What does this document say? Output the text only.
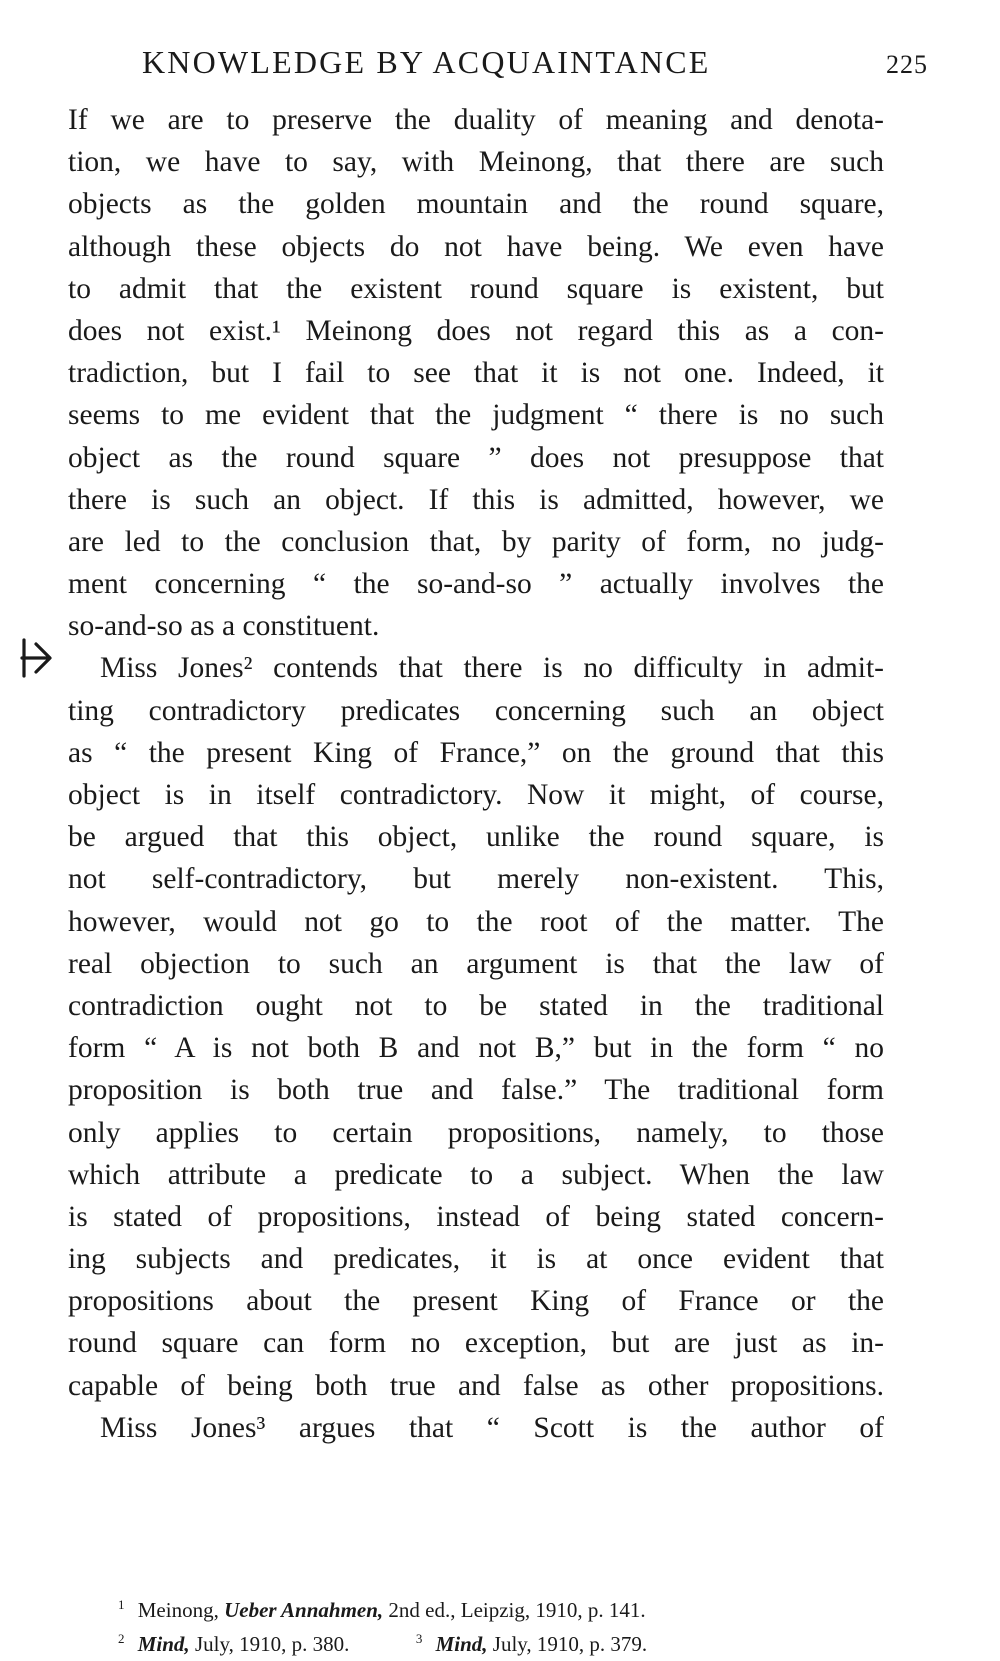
KNOWLEDGE BY ACQUAINTANCE	225
If we are to preserve the duality of meaning and denota-
tion, we have to say, with Meinong, that there are such
objects as the golden mountain and the round square,
although these objects do not have being. We even have
to admit that the existent round square is existent, but
does not exist.¹ Meinong does not regard this as a con-
tradiction, but I fail to see that it is not one. Indeed, it
seems to me evident that the judgment “ there is no such
object as the round square ” does not presuppose that
there is such an object. If this is admitted, however, we
are led to the conclusion that, by parity of form, no judg-
ment concerning “ the so-and-so ” actually involves the
so-and-so as a constituent.
Miss Jones² contends that there is no difficulty in admit-
ting contradictory predicates concerning such an object
as “ the present King of France,” on the ground that this
object is in itself contradictory. Now it might, of course,
be argued that this object, unlike the round square, is
not self-contradictory, but merely non-existent. This,
however, would not go to the root of the matter. The
real objection to such an argument is that the law of
contradiction ought not to be stated in the traditional
form “ A is not both B and not B,” but in the form “ no
proposition is both true and false.” The traditional form
only applies to certain propositions, namely, to those
which attribute a predicate to a subject. When the law
is stated of propositions, instead of being stated concern-
ing subjects and predicates, it is at once evident that
propositions about the present King of France or the
round square can form no exception, but are just as in-
capable of being both true and false as other propositions.
Miss Jones³ argues that “ Scott is the author of
$^1$ Meinong, Ueber Annahmen, 2nd ed., Leipzig, 1910, p. 141.
$^2$ Mind, July, 1910, p. 380.	$^3$ Mind, July, 1910, p. 379.
